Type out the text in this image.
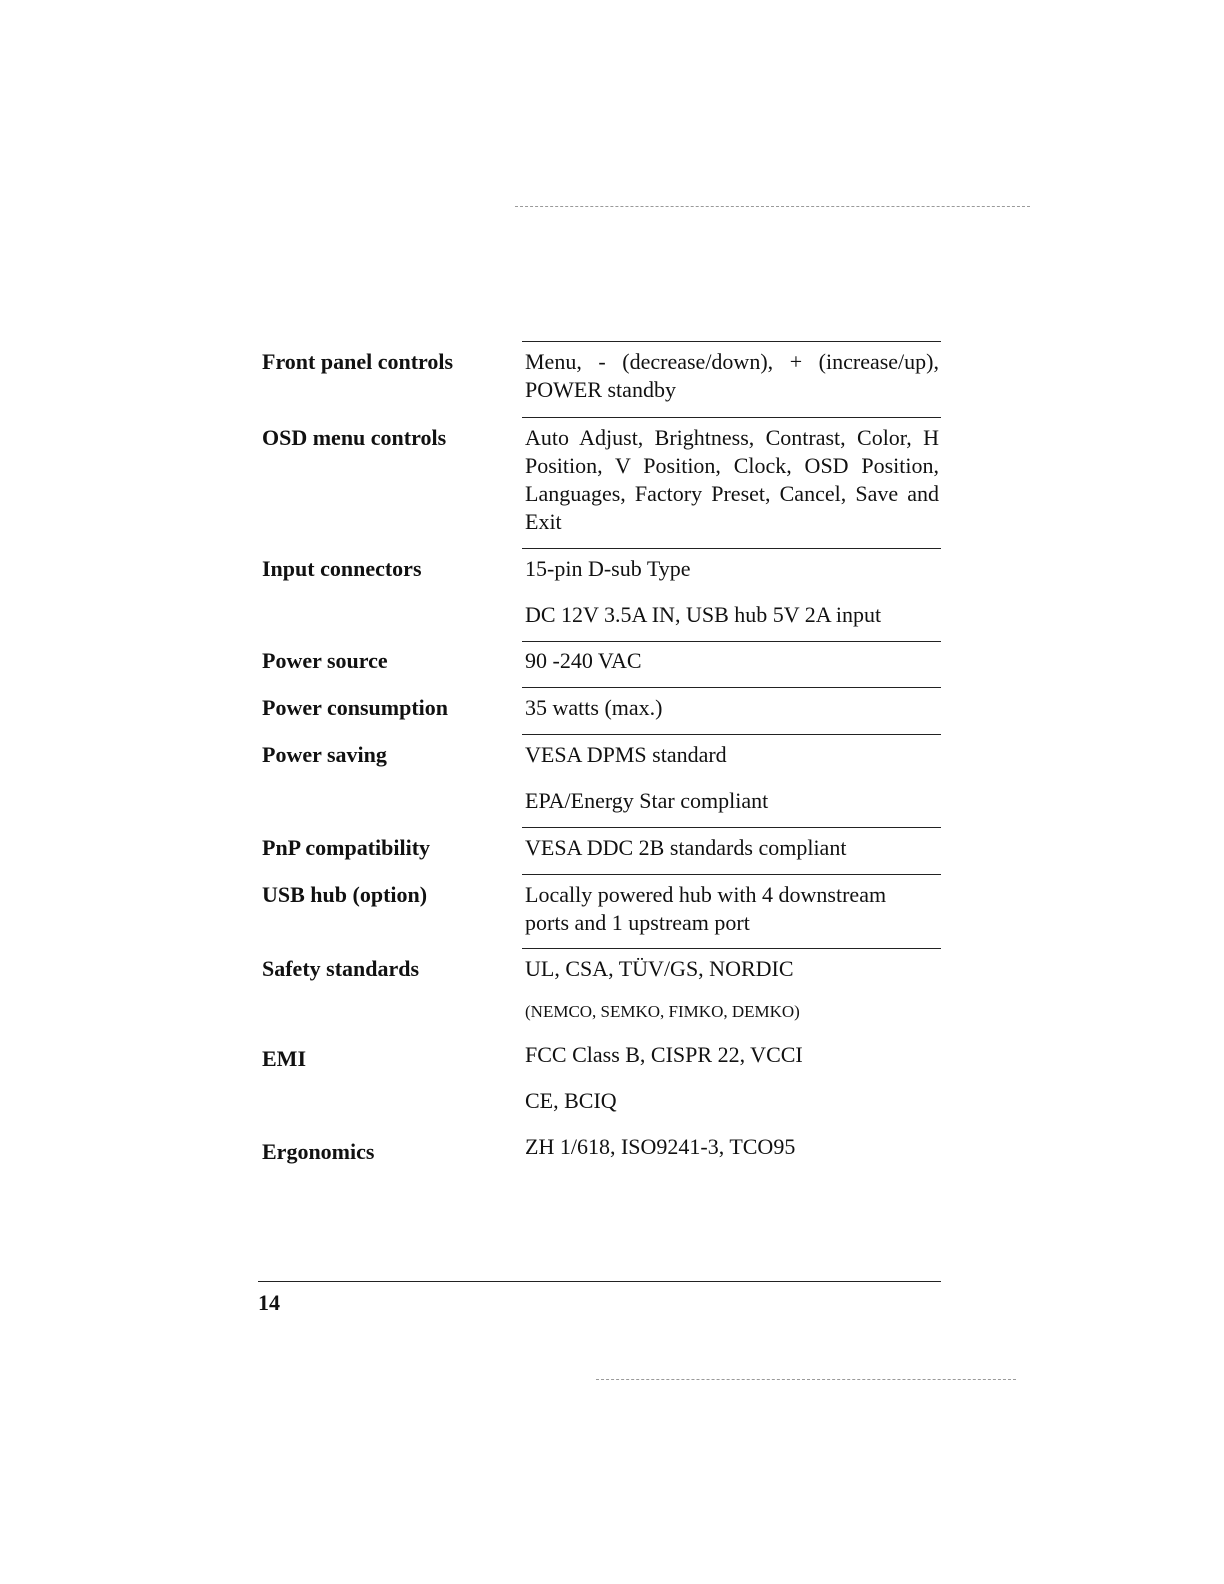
Front panel controls	Menu, - (decrease/down), + (increase/up), POWER standby
OSD menu controls	Auto Adjust, Brightness, Contrast, Color, H Position, V Position, Clock, OSD Position, Languages, Factory Preset, Cancel, Save and Exit
Input connectors	15-pin D-sub Type
DC 12V 3.5A IN, USB hub 5V 2A input
Power source	90 -240 VAC
Power consumption	35 watts (max.)
Power saving	VESA DPMS standard
EPA/Energy Star compliant
PnP compatibility	VESA DDC 2B standards compliant
USB hub (option)	Locally powered hub with 4 downstream ports and 1 upstream port
Safety standards	UL, CSA, TÜV/GS, NORDIC
(NEMCO, SEMKO, FIMKO, DEMKO)
EMI	FCC Class B, CISPR 22, VCCI
CE, BCIQ
Ergonomics	ZH 1/618, ISO9241-3, TCO95
14
